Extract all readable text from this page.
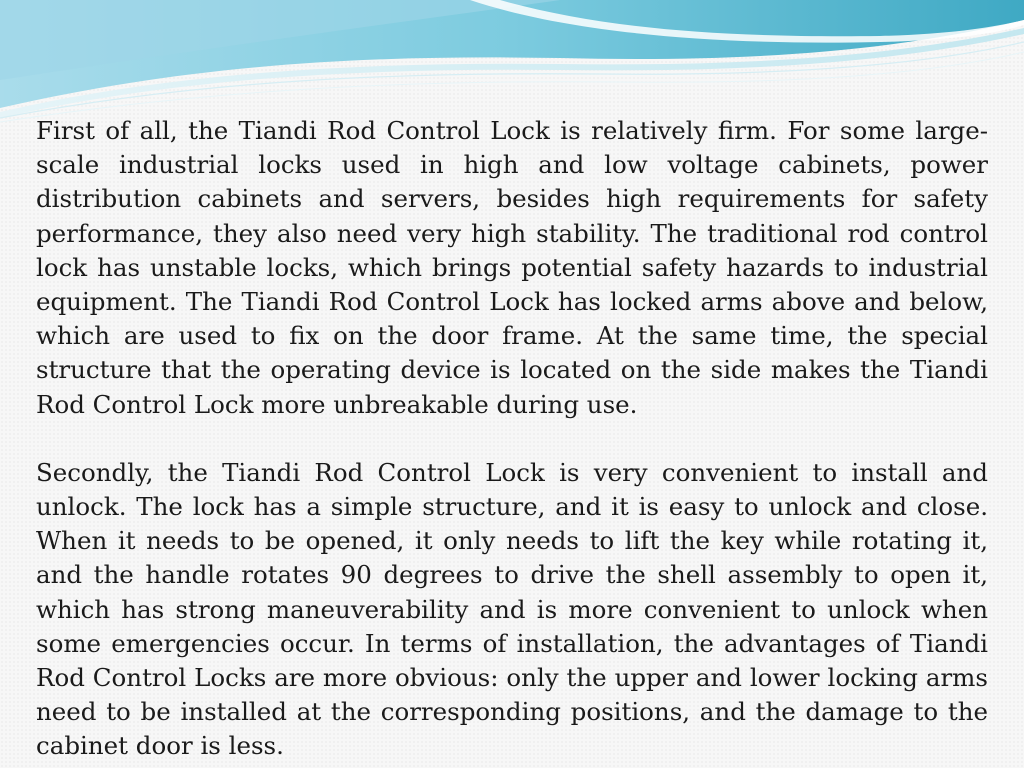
First of all, the Tiandi Rod Control Lock is relatively firm. For some large-scale industrial locks used in high and low voltage cabinets, power distribution cabinets and servers, besides high requirements for safety performance, they also need very high stability. The traditional rod control lock has unstable locks, which brings potential safety hazards to industrial equipment. The Tiandi Rod Control Lock has locked arms above and below, which are used to fix on the door frame. At the same time, the special structure that the operating device is located on the side makes the Tiandi Rod Control Lock more unbreakable during use.

Secondly, the Tiandi Rod Control Lock is very convenient to install and unlock. The lock has a simple structure, and it is easy to unlock and close. When it needs to be opened, it only needs to lift the key while rotating it, and the handle rotates 90 degrees to drive the shell assembly to open it, which has strong maneuverability and is more convenient to unlock when some emergencies occur. In terms of installation, the advantages of Tiandi Rod Control Locks are more obvious: only the upper and lower locking arms need to be installed at the corresponding positions, and the damage to the cabinet door is less.
